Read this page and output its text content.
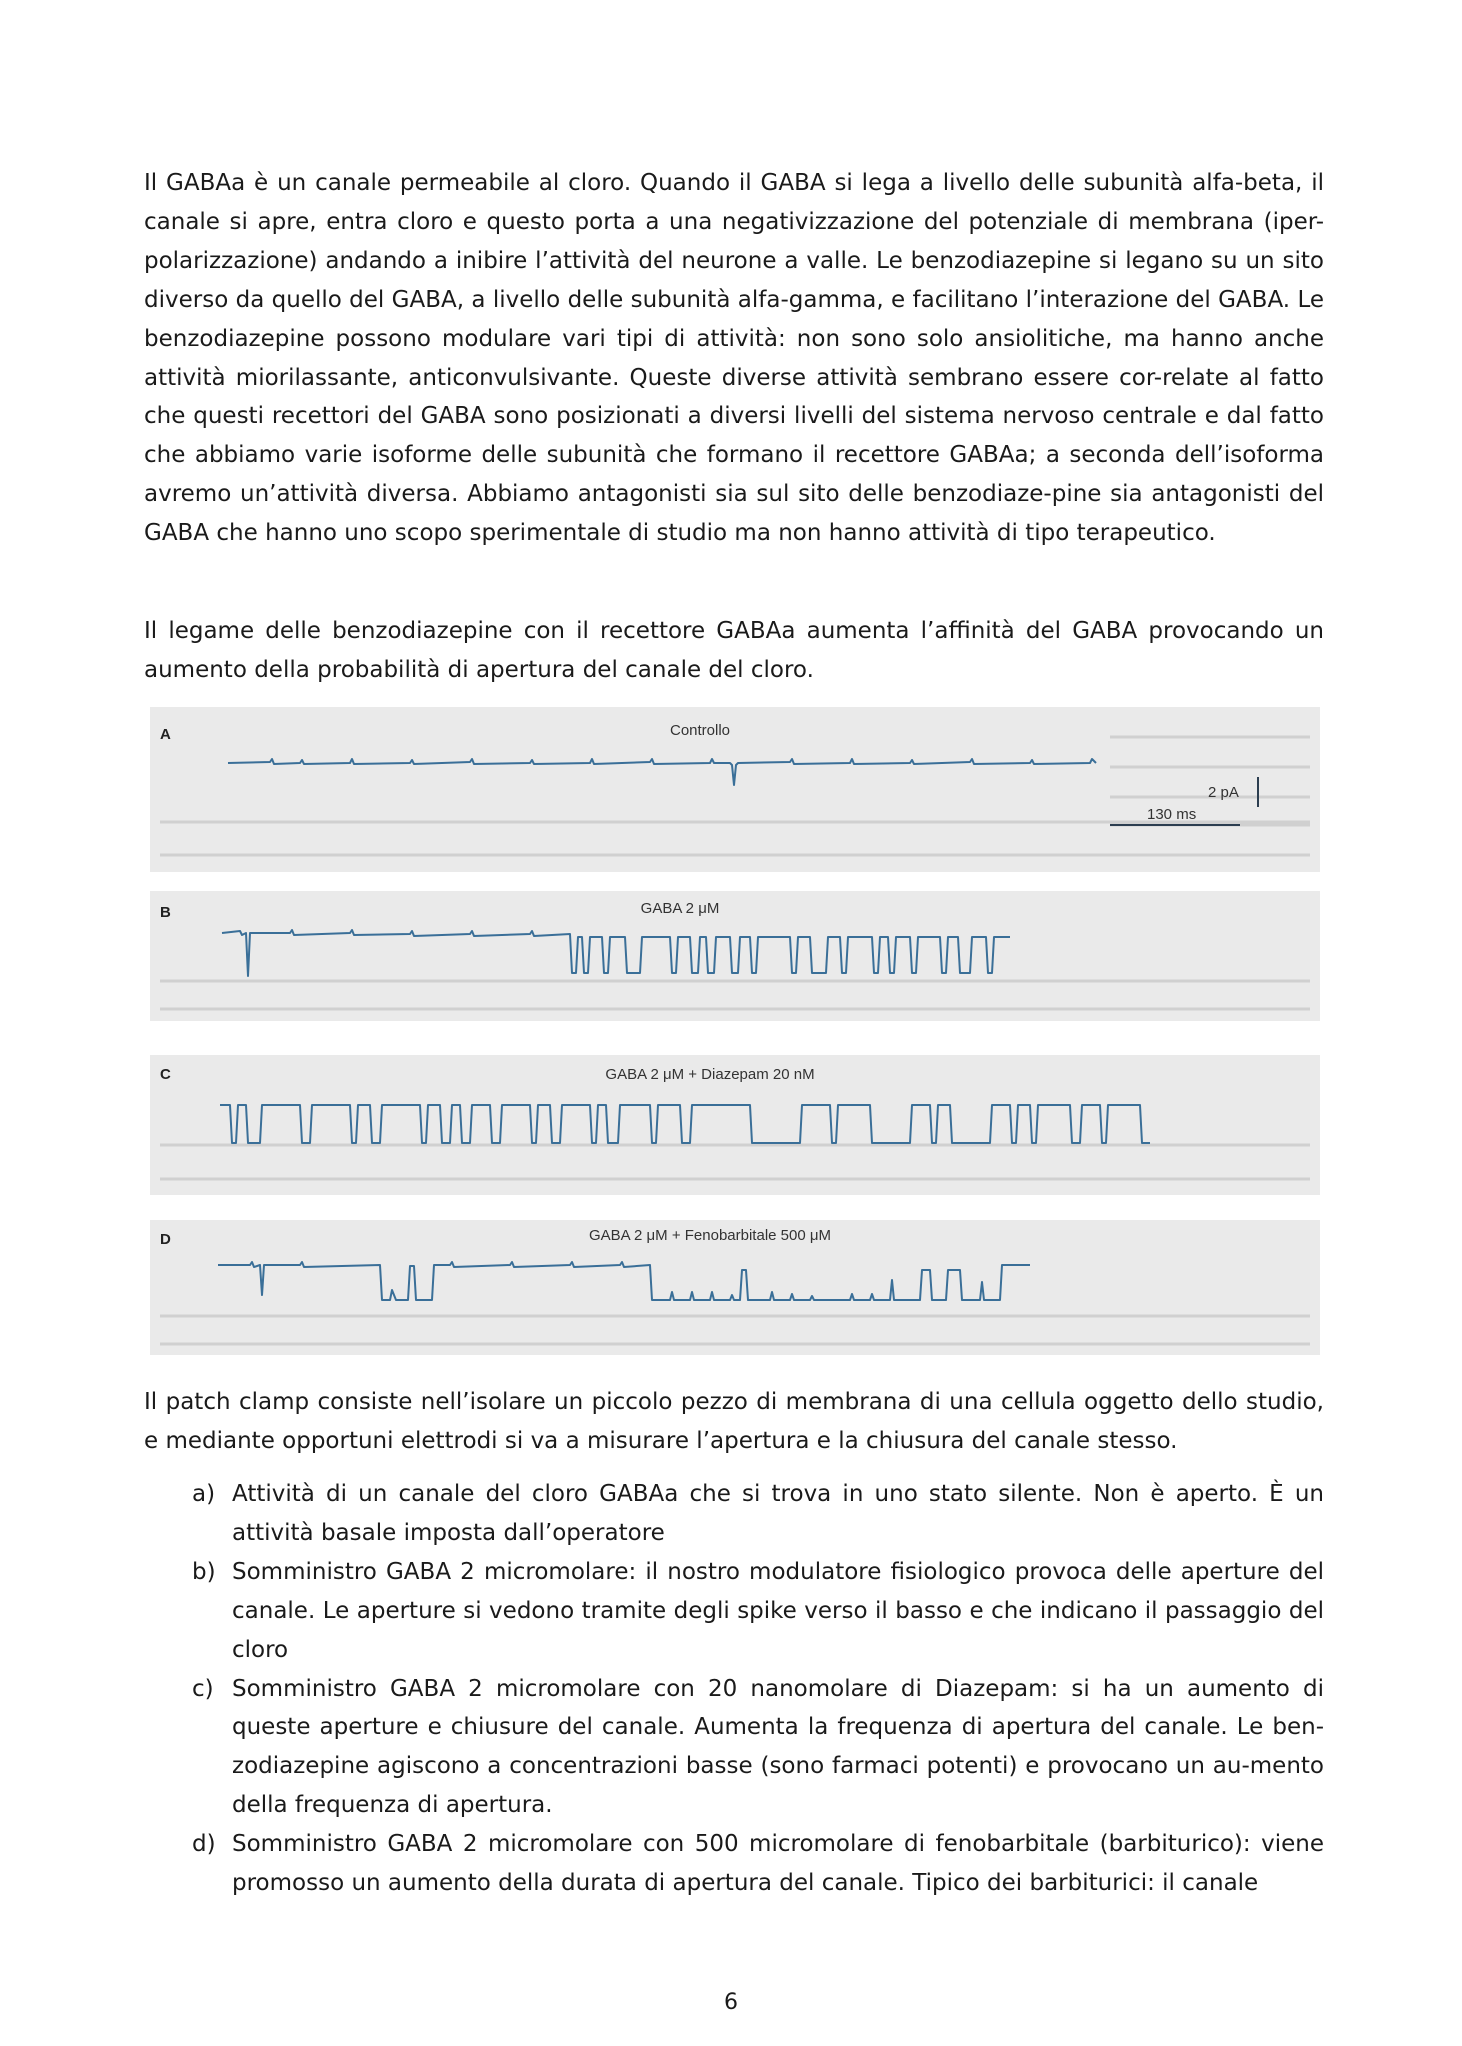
Il GABAa è un canale permeabile al cloro. Quando il GABA si lega a livello delle subunità alfa-beta, il canale si apre, entra cloro e questo porta a una negativizzazione del potenziale di membrana (iper-polarizzazione) andando a inibire l’attività del neurone a valle. Le benzodiazepine si legano su un sito diverso da quello del GABA, a livello delle subunità alfa-gamma, e facilitano l’interazione del GABA. Le benzodiazepine possono modulare vari tipi di attività: non sono solo ansiolitiche, ma hanno anche attività miorilassante, anticonvulsivante. Queste diverse attività sembrano essere cor-relate al fatto che questi recettori del GABA sono posizionati a diversi livelli del sistema nervoso centrale e dal fatto che abbiamo varie isoforme delle subunità che formano il recettore GABAa; a seconda dell’isoforma avremo un’attività diversa. Abbiamo antagonisti sia sul sito delle benzodiaze-pine sia antagonisti del GABA che hanno uno scopo sperimentale di studio ma non hanno attività di tipo terapeutico.

Il legame delle benzodiazepine con il recettore GABAa aumenta l’affinità del GABA provocando un aumento della probabilità di apertura del canale del cloro.

A	Controllo
2 pA
130 ms
B	GABA 2 μM
C	GABA 2 μM + Diazepam 20 nM
D	GABA 2 μM + Fenobarbitale 500 μM

Il patch clamp consiste nell’isolare un piccolo pezzo di membrana di una cellula oggetto dello studio, e mediante opportuni elettrodi si va a misurare l’apertura e la chiusura del canale stesso.

a) Attività di un canale del cloro GABAa che si trova in uno stato silente. Non è aperto. È un attività basale imposta dall’operatore
b) Somministro GABA 2 micromolare: il nostro modulatore fisiologico provoca delle aperture del canale. Le aperture si vedono tramite degli spike verso il basso e che indicano il passaggio del cloro
c) Somministro GABA 2 micromolare con 20 nanomolare di Diazepam: si ha un aumento di queste aperture e chiusure del canale. Aumenta la frequenza di apertura del canale. Le ben-zodiazepine agiscono a concentrazioni basse (sono farmaci potenti) e provocano un au-mento della frequenza di apertura.
d) Somministro GABA 2 micromolare con 500 micromolare di fenobarbitale (barbiturico): viene promosso un aumento della durata di apertura del canale. Tipico dei barbiturici: il canale
6
